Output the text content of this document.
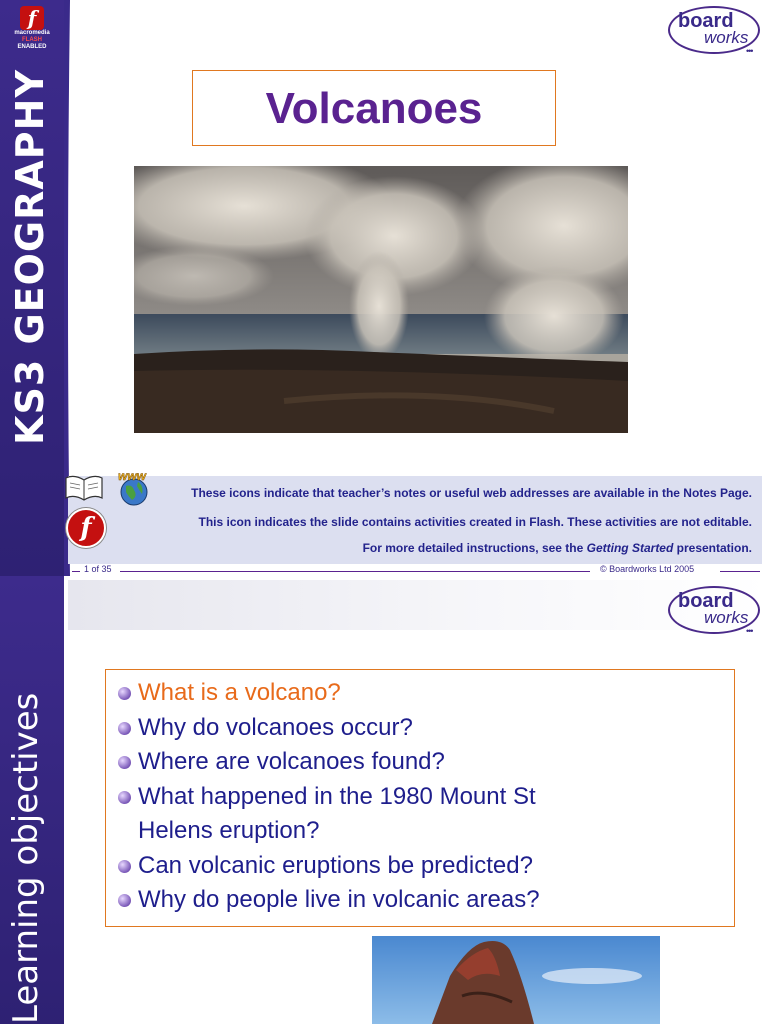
f
macromedia
FLASH
ENABLED
KS3 GEOGRAPHY
board
works
•••
Volcanoes
These icons indicate that teacher’s notes or useful web addresses are available in the Notes Page.
This icon indicates the slide contains activities created in Flash. These activities are not editable.
For more detailed instructions, see the Getting Started presentation.
www
f
1 of 35	© Boardworks Ltd 2005
Learning objectives
board
works
•••
What is a volcano?
Why do volcanoes occur?
Where are volcanoes found?
What happened in the 1980 Mount St
Helens eruption?
Can volcanic eruptions be predicted?
Why do people live in volcanic areas?
